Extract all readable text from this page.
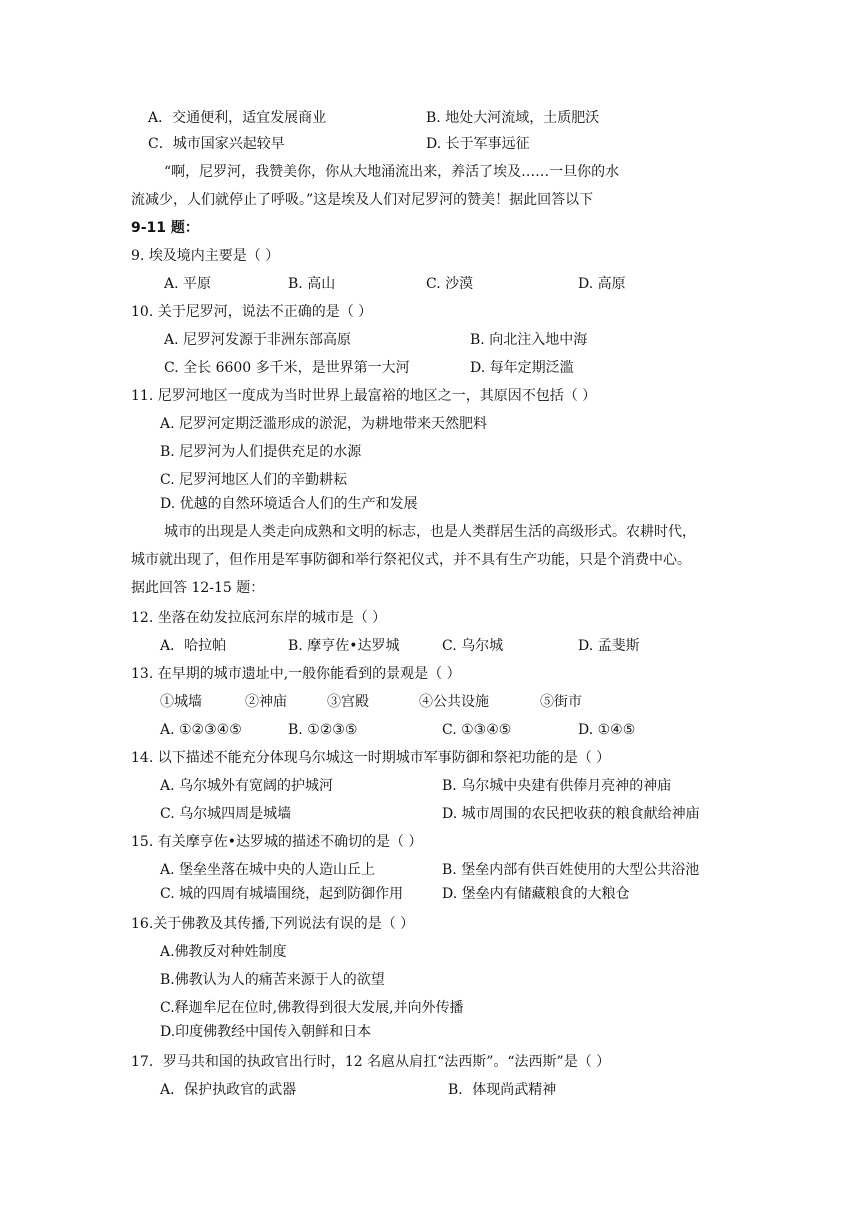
A．交通便利，适宜发展商业	B. 地处大河流域，土质肥沃
C．城市国家兴起较早	D. 长于军事远征
“啊，尼罗河，我赞美你，你从大地涌流出来，养活了埃及……一旦你的水
流减少，人们就停止了呼吸。”这是埃及人们对尼罗河的赞美！据此回答以下
9-11 题：
9. 埃及境内主要是（ ）
A. 平原	B. 高山	C. 沙漠	D. 高原
10. 关于尼罗河，说法不正确的是（ ）
A. 尼罗河发源于非洲东部高原	B. 向北注入地中海
C. 全长 6600 多千米，是世界第一大河	D. 每年定期泛滥
11. 尼罗河地区一度成为当时世界上最富裕的地区之一，其原因不包括（ ）
A. 尼罗河定期泛滥形成的淤泥，为耕地带来天然肥料
B. 尼罗河为人们提供充足的水源
C. 尼罗河地区人们的辛勤耕耘
D. 优越的自然环境适合人们的生产和发展
城市的出现是人类走向成熟和文明的标志，也是人类群居生活的高级形式。农耕时代，
城市就出现了，但作用是军事防御和举行祭祀仪式，并不具有生产功能，只是个消费中心。
据此回答 12-15 题：
12. 坐落在幼发拉底河东岸的城市是（ ）
A．哈拉帕	B. 摩亨佐•达罗城	C. 乌尔城	D. 孟斐斯
13. 在早期的城市遗址中,一般你能看到的景观是（ ）
①城墙	②神庙	③宫殿	④公共设施	⑤街市
A. ①②③④⑤	B. ①②③⑤	C. ①③④⑤	D. ①④⑤
14. 以下描述不能充分体现乌尔城这一时期城市军事防御和祭祀功能的是（ ）
A. 乌尔城外有宽阔的护城河	B. 乌尔城中央建有供俸月亮神的神庙
C. 乌尔城四周是城墙	D. 城市周围的农民把收获的粮食献给神庙
15. 有关摩亨佐•达罗城的描述不确切的是（ ）
A. 堡垒坐落在城中央的人造山丘上	B. 堡垒内部有供百姓使用的大型公共浴池
C. 城的四周有城墙围绕，起到防御作用	D. 堡垒内有储藏粮食的大粮仓
16.关于佛教及其传播,下列说法有误的是（ ）
A.佛教反对种姓制度
B.佛教认为人的痛苦来源于人的欲望
C.释迦牟尼在位时,佛教得到很大发展,并向外传播
D.印度佛教经中国传入朝鲜和日本
17．罗马共和国的执政官出行时，12 名扈从肩扛“法西斯”。“法西斯”是（ ）
A．保护执政官的武器	B．体现尚武精神
